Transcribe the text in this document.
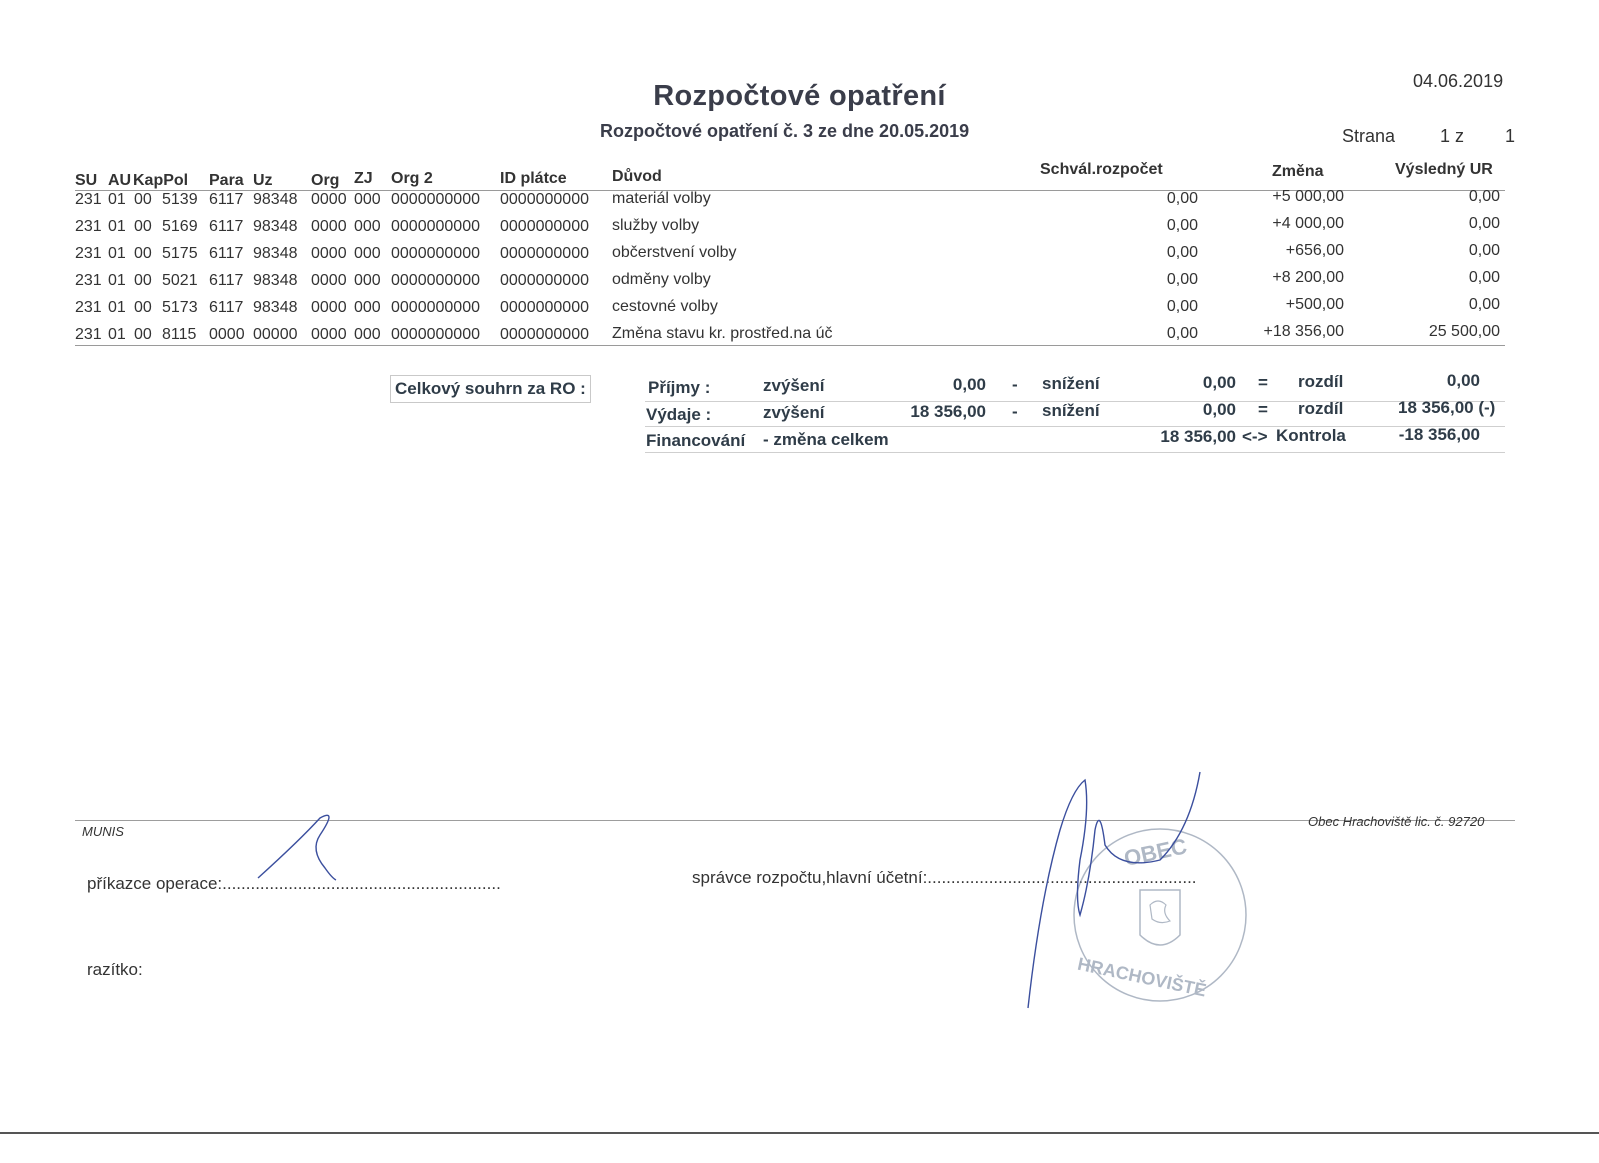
Rozpočtové opatření
Rozpočtové opatření č. 3 ze dne 20.05.2019
04.06.2019
Strana 1 z 1
SU AU KapPol Para Uz Org ZJ Org 2	ID plátce	Důvod	Schvál.rozpočet	Změna	Výsledný UR
231 01 00 5139 6117 98348 0000 000 0000000000	0000000000	materiál volby	0,00	+5 000,00	0,00
231 01 00 5169 6117 98348 0000 000 0000000000	0000000000	služby volby	0,00	+4 000,00	0,00
231 01 00 5175 6117 98348 0000 000 0000000000	0000000000	občerstvení volby	0,00	+656,00	0,00
231 01 00 5021 6117 98348 0000 000 0000000000	0000000000	odměny volby	0,00	+8 200,00	0,00
231 01 00 5173 6117 98348 0000 000 0000000000	0000000000	cestovné volby	0,00	+500,00	0,00
231 01 00 8115 0000 00000 0000 000 0000000000	0000000000	Změna stavu kr. prostřed.na úč	0,00	+18 356,00	25 500,00
Celkový souhrn za RO :	Příjmy :	zvýšení	0,00 - snížení	0,00 = rozdíl	0,00
Výdaje :	zvýšení	18 356,00 - snížení	0,00 = rozdíl	18 356,00 (-)
Financování - změna celkem	18 356,00 <-> Kontrola	-18 356,00
MUNIS
Obec Hrachoviště lic. č. 92720
příkazce operace:...........................................................	správce rozpočtu,hlavní účetní:.........................................................
razítko:
OBEC
HRACHOVIŠTĚ
